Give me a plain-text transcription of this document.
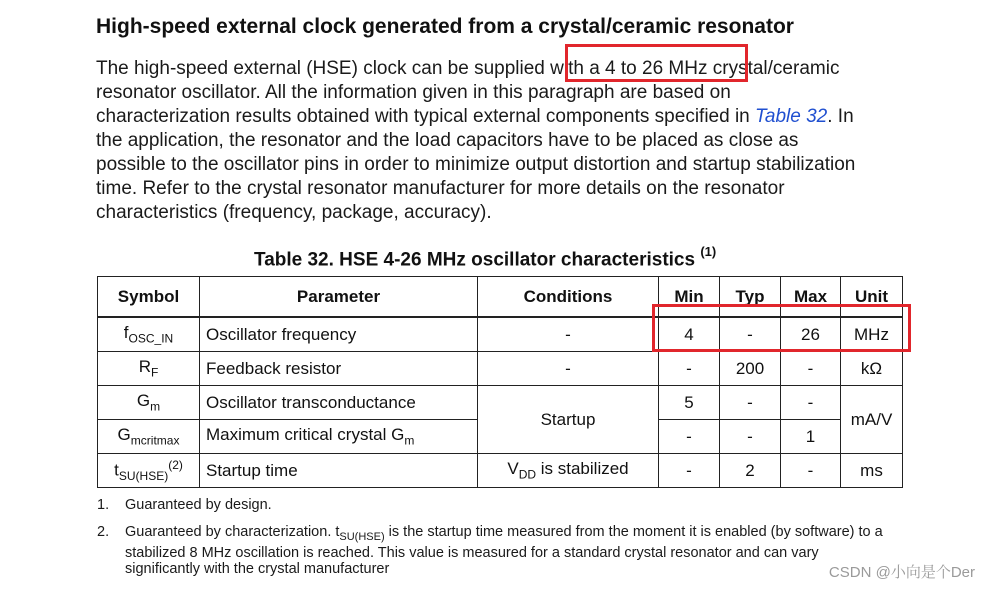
High-speed external clock generated from a crystal/ceramic resonator
The high-speed external (HSE) clock can be supplied with a 4 to 26 MHz crystal/ceramic
resonator oscillator. All the information given in this paragraph are based on
characterization results obtained with typical external components specified in Table 32. In
the application, the resonator and the load capacitors have to be placed as close as
possible to the oscillator pins in order to minimize output distortion and startup stabilization
time. Refer to the crystal resonator manufacturer for more details on the resonator
characteristics (frequency, package, accuracy).
Table 32. HSE 4-26 MHz oscillator characteristics $^{(1)}$
Symbol	Parameter	Conditions	Min	Typ	Max	Unit
$f_{OSC\_IN}$	Oscillator frequency	-	4	-	26	MHz
$R_F$	Feedback resistor	-	-	200	-	kΩ
$G_m$	Oscillator transconductance	Startup	5	-	-	mA/V
$G_{mcritmax}$	Maximum critical crystal $G_m$		-	-	1	
$t_{SU(HSE)}^{(2)}$	Startup time	$V_{DD}$ is stabilized	-	2	-	ms
1. Guaranteed by design.
2. Guaranteed by characterization. $t_{SU(HSE)}$ is the startup time measured from the moment it is enabled (by software) to a stabilized 8 MHz oscillation is reached. This value is measured for a standard crystal resonator and can vary significantly with the crystal manufacturer	CSDN @小向是个Der
